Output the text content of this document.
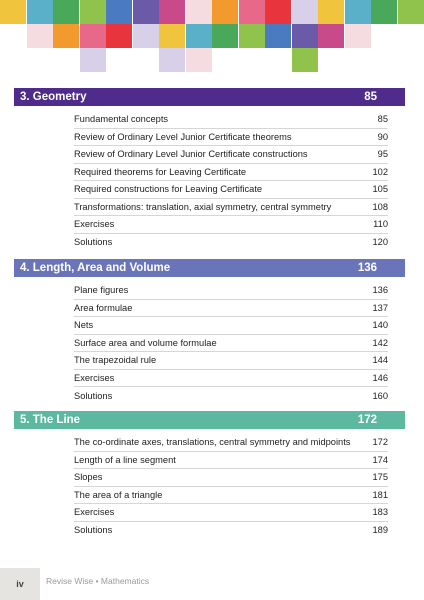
3. Geometry	85
Fundamental concepts	85
Review of Ordinary Level Junior Certificate theorems	90
Review of Ordinary Level Junior Certificate constructions	95
Required theorems for Leaving Certificate	102
Required constructions for Leaving Certificate	105
Transformations: translation, axial symmetry, central symmetry	108
Exercises	110
Solutions	120
4. Length, Area and Volume	136
Plane figures	136
Area formulae	137
Nets	140
Surface area and volume formulae	142
The trapezoidal rule	144
Exercises	146
Solutions	160
5. The Line	172
The co-ordinate axes, translations, central symmetry and midpoints	172
Length of a line segment	174
Slopes	175
The area of a triangle	181
Exercises	183
Solutions	189
iv	Revise Wise • Mathematics
